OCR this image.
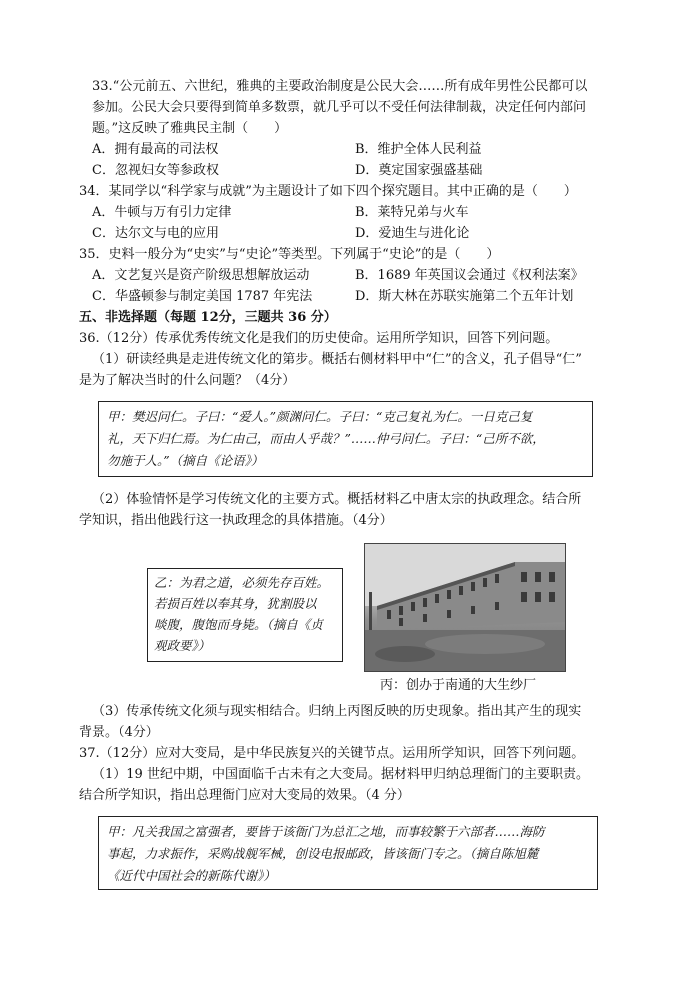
33.“公元前五、六世纪，雅典的主要政治制度是公民大会……所有成年男性公民都可以
参加。公民大会只要得到简单多数票，就几乎可以不受任何法律制裁，决定任何内部问
题。”这反映了雅典民主制（　　）
A．拥有最高的司法权	B．维护全体人民利益
C．忽视妇女等参政权	D．奠定国家强盛基础
34．某同学以“科学家与成就”为主题设计了如下四个探究题目。其中正确的是（　　）
A．牛顿与万有引力定律	B．莱特兄弟与火车
C．达尔文与电的应用	D．爱迪生与进化论
35．史料一般分为“史实”与“史论”等类型。下列属于“史论”的是（　　）
A．文艺复兴是资产阶级思想解放运动	B．1689 年英国议会通过《权利法案》
C．华盛顿参与制定美国 1787 年宪法	D．斯大林在苏联实施第二个五年计划
五、非选择题（每题 12分，三题共 36 分）
36.（12分）传承优秀传统文化是我们的历史使命。运用所学知识，回答下列问题。
（1）研读经典是走进传统文化的第步。概括右侧材料甲中“仁”的含义，孔子倡导“仁”
是为了解决当时的什么问题？（4分）
甲：樊迟问仁。子曰：“爱人。”颜渊问仁。子曰：“克己复礼为仁。一日克己复
礼，天下归仁焉。为仁由己，而由人乎哉？”……仲弓问仁。子曰：“己所不欲，
勿施于人。”（摘自《论语》）
（2）体验情怀是学习传统文化的主要方式。概括材料乙中唐太宗的执政理念。结合所
学知识，指出他践行这一执政理念的具体措施。（4分）
乙：为君之道，必须先存百姓。
若损百姓以奉其身，犹割股以
啖腹，腹饱而身毙。（摘自《贞
观政要》）
丙：创办于南通的大生纱厂
（3）传承传统文化须与现实相结合。归纳上丙图反映的历史现象。指出其产生的现实
背景。（4分）
37.（12分）应对大变局，是中华民族复兴的关键节点。运用所学知识，回答下列问题。
（1）19 世纪中期，中国面临千古未有之大变局。据材料甲归纳总理衙门的主要职责。
结合所学知识，指出总理衙门应对大变局的效果。（4 分）
甲：凡关我国之富强者，要皆于该衙门为总汇之地，而事较繁于六部者……海防
事起，力求振作，采购战舰军械，创设电报邮政，皆该衙门专之。（摘自陈旭麓
《近代中国社会的新陈代谢》）
